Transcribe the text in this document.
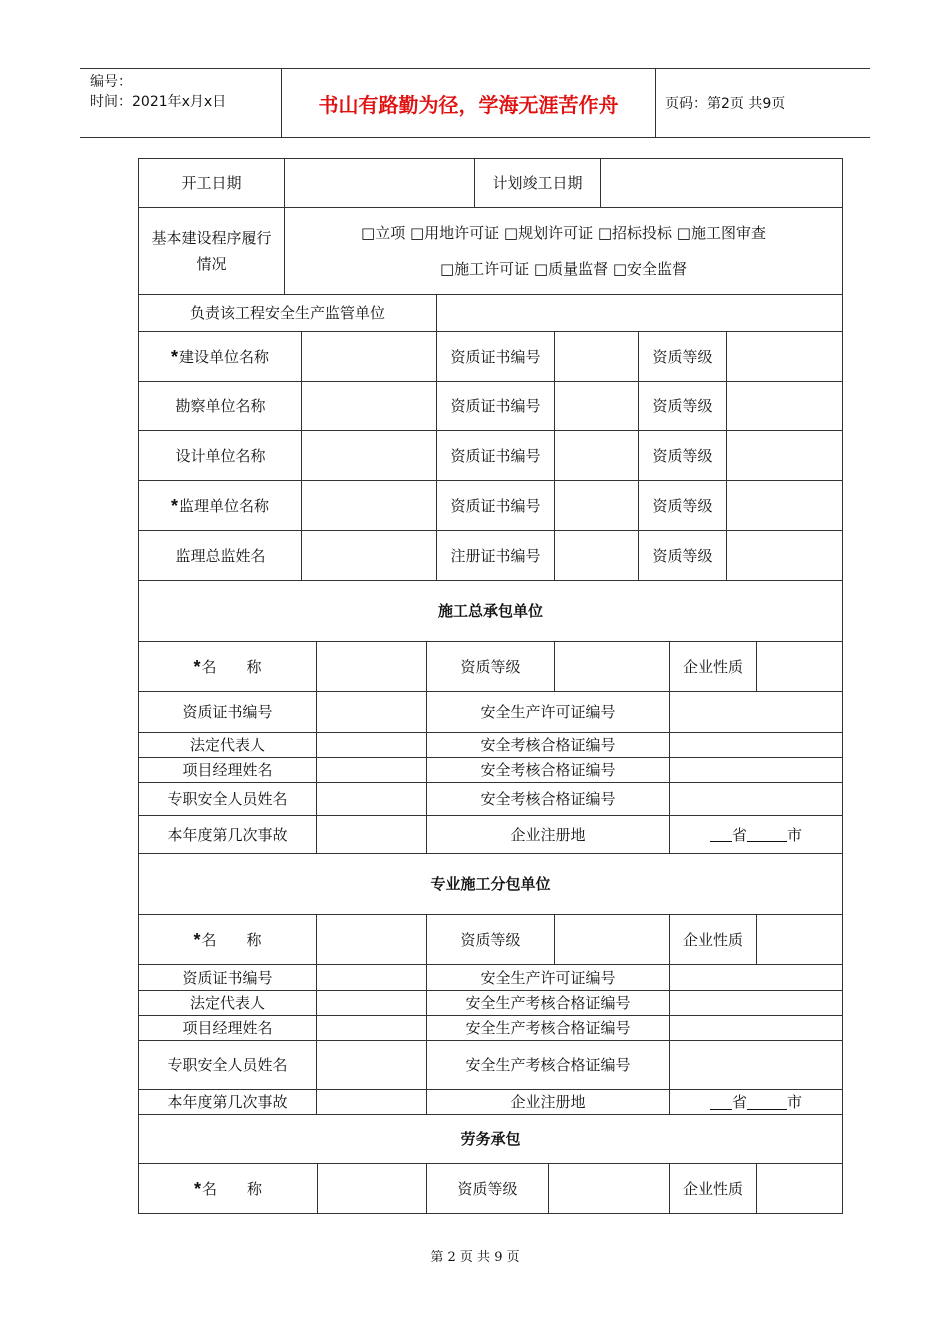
编号：
时间：2021年x月x日	书山有路勤为径，学海无涯苦作舟	页码：第2页 共9页
开工日期	计划竣工日期
基本建设程序履行情况
□立项 □用地许可证 □规划许可证 □招标投标 □施工图审查
□施工许可证 □质量监督 □安全监督
负责该工程安全生产监管单位
* 建设单位名称	资质证书编号	资质等级
勘察单位名称	资质证书编号	资质等级
设计单位名称	资质证书编号	资质等级
* 监理单位名称	资质证书编号	资质等级
监理总监姓名	注册证书编号	资质等级
施工总承包单位
* 名　　称	资质等级	企业性质
资质证书编号	安全生产许可证编号
法定代表人	安全考核合格证编号
项目经理姓名	安全考核合格证编号
专职安全人员姓名	安全考核合格证编号
本年度第几次事故	企业注册地	省	市
专业施工分包单位
* 名　　称	资质等级	企业性质
资质证书编号	安全生产许可证编号
法定代表人	安全生产考核合格证编号
项目经理姓名	安全生产考核合格证编号
专职安全人员姓名	安全生产考核合格证编号
本年度第几次事故	企业注册地	省	市
劳务承包
* 名　　称	资质等级	企业性质
第 2 页 共 9 页
